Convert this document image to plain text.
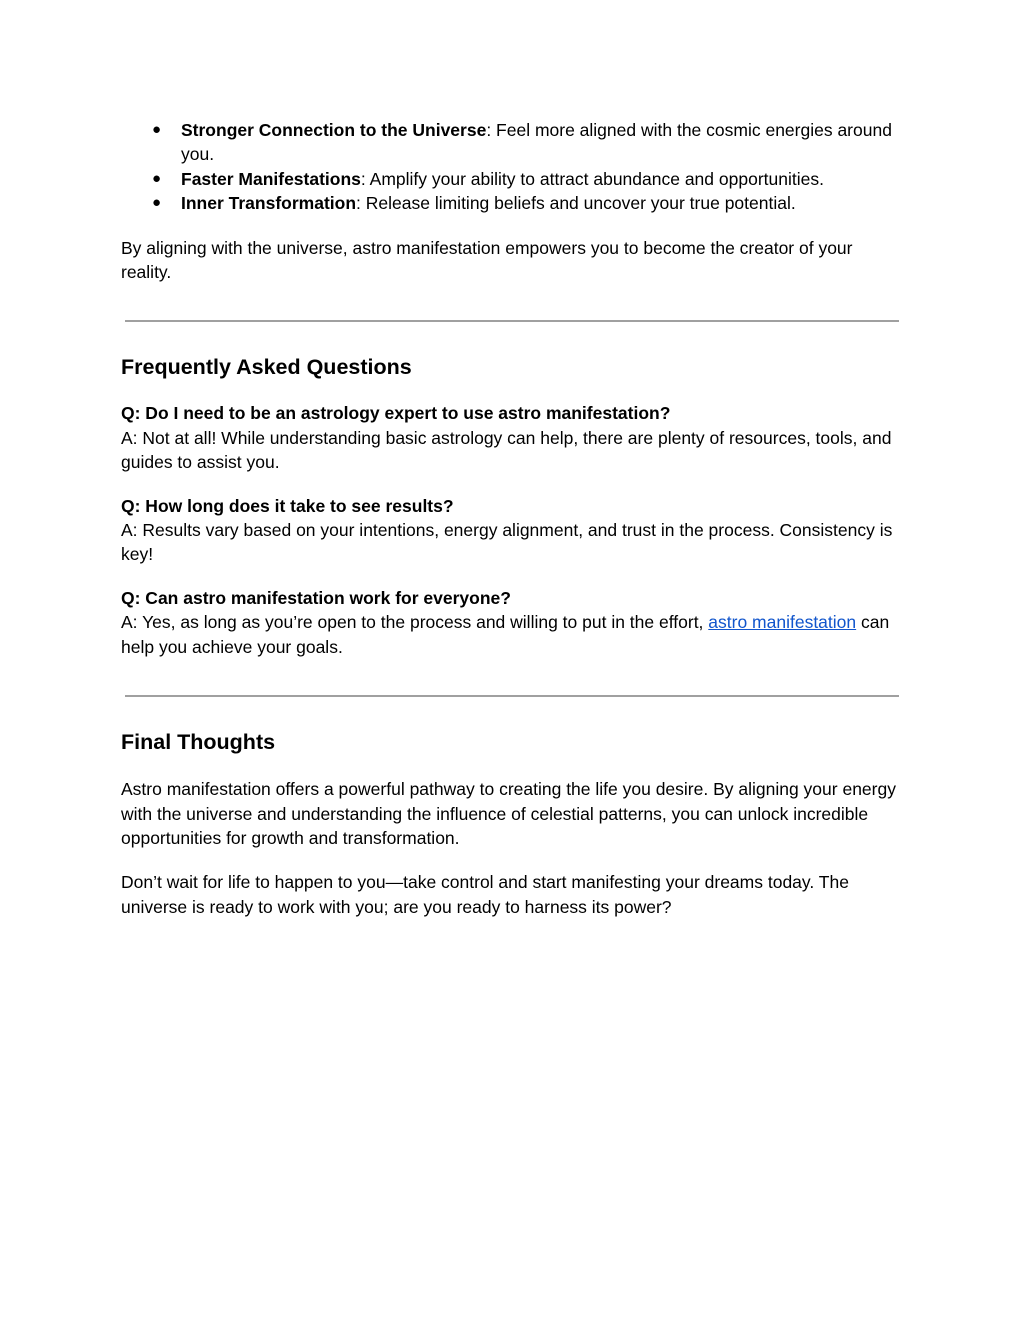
● Stronger Connection to the Universe: Feel more aligned with the cosmic energies around you.
● Faster Manifestations: Amplify your ability to attract abundance and opportunities.
● Inner Transformation: Release limiting beliefs and uncover your true potential.

By aligning with the universe, astro manifestation empowers you to become the creator of your reality.

Frequently Asked Questions

Q: Do I need to be an astrology expert to use astro manifestation?

A: Not at all! While understanding basic astrology can help, there are plenty of resources, tools, and guides to assist you.

Q: How long does it take to see results?

A: Results vary based on your intentions, energy alignment, and trust in the process. Consistency is key!

Q: Can astro manifestation work for everyone?

A: Yes, as long as you’re open to the process and willing to put in the effort, astro manifestation can help you achieve your goals.

Final Thoughts

Astro manifestation offers a powerful pathway to creating the life you desire. By aligning your energy with the universe and understanding the influence of celestial patterns, you can unlock incredible opportunities for growth and transformation.

Don’t wait for life to happen to you—take control and start manifesting your dreams today. The universe is ready to work with you; are you ready to harness its power?
